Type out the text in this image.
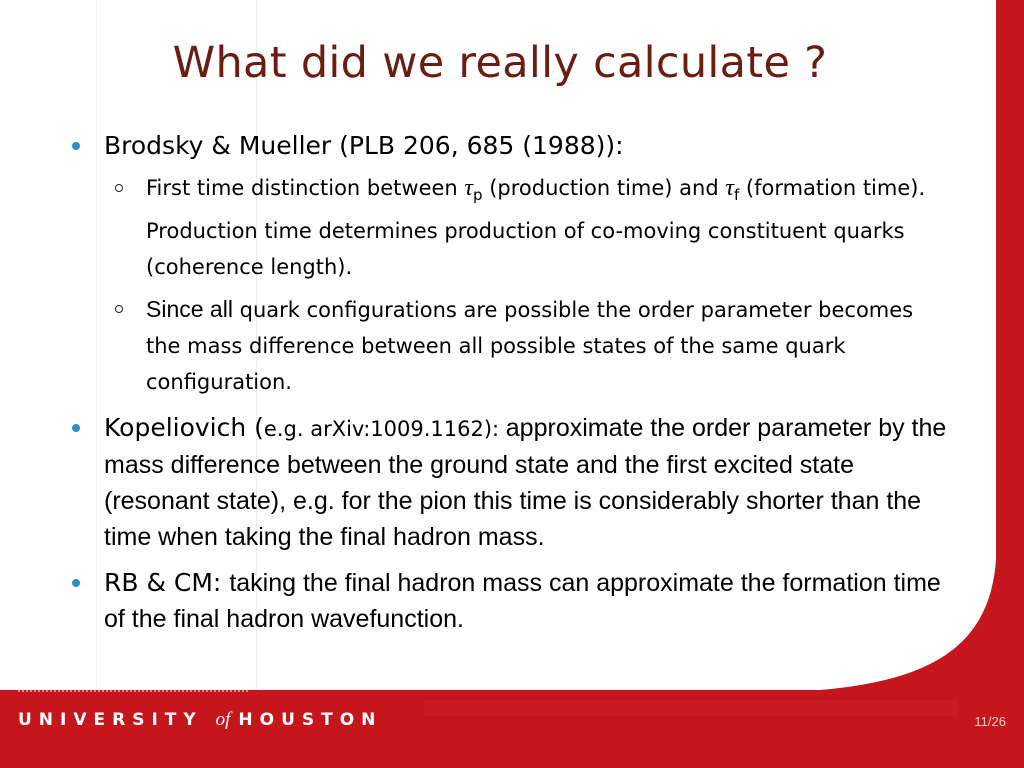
What did we really calculate ?
Brodsky & Mueller (PLB 206, 685 (1988)):
First time distinction between $\tau_p$ (production time) and $\tau_f$ (formation time). Production time determines production of co-moving constituent quarks (coherence length).
Since all quark configurations are possible the order parameter becomes the mass difference between all possible states of the same quark configuration.
Kopeliovich (e.g. arXiv:1009.1162): approximate the order parameter by the mass difference between the ground state and the first excited state (resonant state), e.g. for the pion this time is considerably shorter than the time when taking the final hadron mass.
RB & CM: taking the final hadron mass can approximate the formation time of the final hadron wavefunction.
UNIVERSITY of HOUSTON	11/26
